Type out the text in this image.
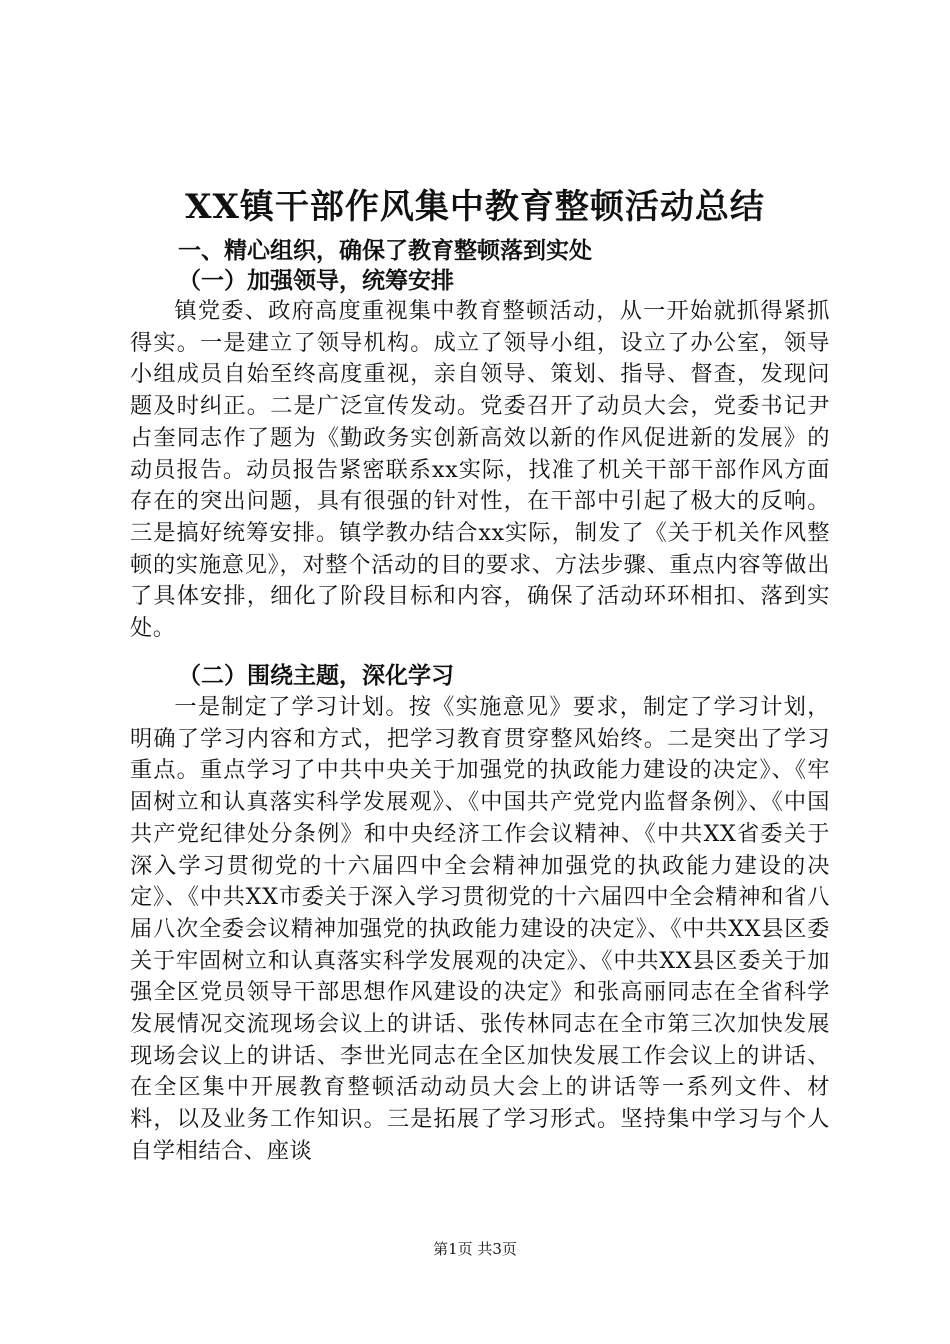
XX镇干部作风集中教育整顿活动总结
一、精心组织，确保了教育整顿落到实处
（一）加强领导，统筹安排
镇党委、政府高度重视集中教育整顿活动，从一开始就抓得紧抓得实。一是建立了领导机构。成立了领导小组，设立了办公室，领导小组成员自始至终高度重视，亲自领导、策划、指导、督查，发现问题及时纠正。二是广泛宣传发动。党委召开了动员大会，党委书记尹占奎同志作了题为《勤政务实创新高效以新的作风促进新的发展》的动员报告。动员报告紧密联系xx实际，找准了机关干部干部作风方面存在的突出问题，具有很强的针对性，在干部中引起了极大的反响。三是搞好统筹安排。镇学教办结合xx实际，制发了《关于机关作风整顿的实施意见》，对整个活动的目的要求、方法步骤、重点内容等做出了具体安排，细化了阶段目标和内容，确保了活动环环相扣、落到实处。
（二）围绕主题，深化学习
一是制定了学习计划。按《实施意见》要求，制定了学习计划，明确了学习内容和方式，把学习教育贯穿整风始终。二是突出了学习重点。重点学习了中共中央关于加强党的执政能力建设的决定》、《牢固树立和认真落实科学发展观》、《中国共产党党内监督条例》、《中国共产党纪律处分条例》和中央经济工作会议精神、《中共XX省委关于深入学习贯彻党的十六届四中全会精神加强党的执政能力建设的决定》、《中共XX市委关于深入学习贯彻党的十六届四中全会精神和省八届八次全委会议精神加强党的执政能力建设的决定》、《中共XX县区委关于牢固树立和认真落实科学发展观的决定》、《中共XX县区委关于加强全区党员领导干部思想作风建设的决定》和张高丽同志在全省科学发展情况交流现场会议上的讲话、张传林同志在全市第三次加快发展现场会议上的讲话、李世光同志在全区加快发展工作会议上的讲话、在全区集中开展教育整顿活动动员大会上的讲话等一系列文件、材料，以及业务工作知识。三是拓展了学习形式。坚持集中学习与个人自学相结合、座谈
第1页 共3页
